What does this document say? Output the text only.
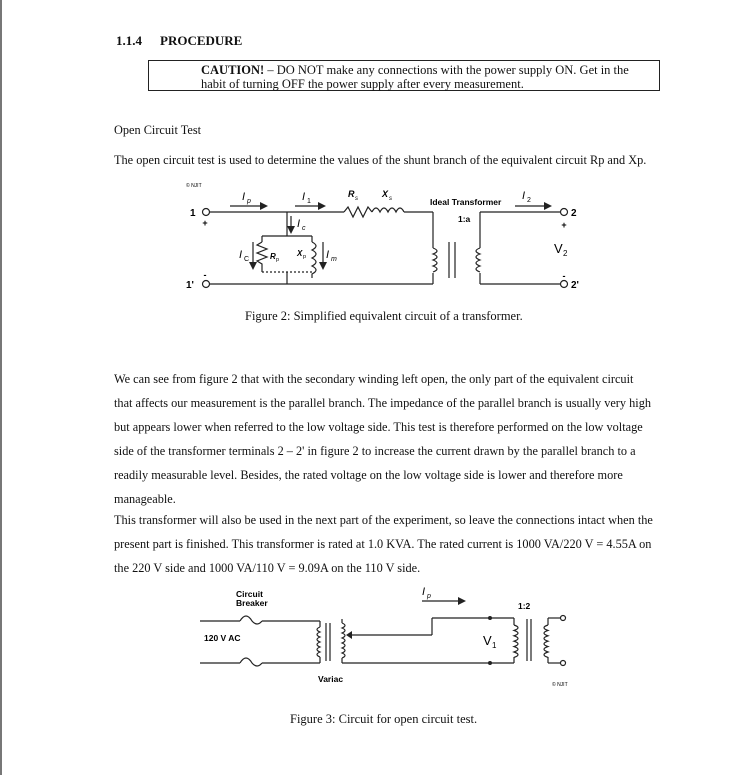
1.1.4 PROCEDURE
CAUTION! – DO NOT make any connections with the power supply ON. Get in the habit of turning OFF the power supply after every measurement.
Open Circuit Test
The open circuit test is used to determine the values of the shunt branch of the equivalent circuit Rp and Xp.
© NJIT
I p	I 1
I c
R s	X s	Ideal Transformer
1:a
I 2
I C	R p
X p I m
1
+
1'
-
2
+
V 2
-
2'
Figure 2: Simplified equivalent circuit of a transformer.
We can see from figure 2 that with the secondary winding left open, the only part of the equivalent circuit that affects our measurement is the parallel branch. The impedance of the parallel branch is usually very high but appears lower when referred to the low voltage side. This test is therefore performed on the low voltage side of the transformer terminals 2 – 2' in figure 2 to increase the current drawn by the parallel branch to a readily measurable level. Besides, the rated voltage on the low voltage side is lower and therefore more manageable.
This transformer will also be used in the next part of the experiment, so leave the connections intact when the present part is finished. This transformer is rated at 1.0 KVA. The rated current is 1000 VA/220 V = 4.55A on the 220 V side and 1000 VA/110 V = 9.09A on the 110 V side.
Circuit
Breaker
120 V AC
Variac
I p
V 1
1:2
© NJIT
Figure 3: Circuit for open circuit test.
